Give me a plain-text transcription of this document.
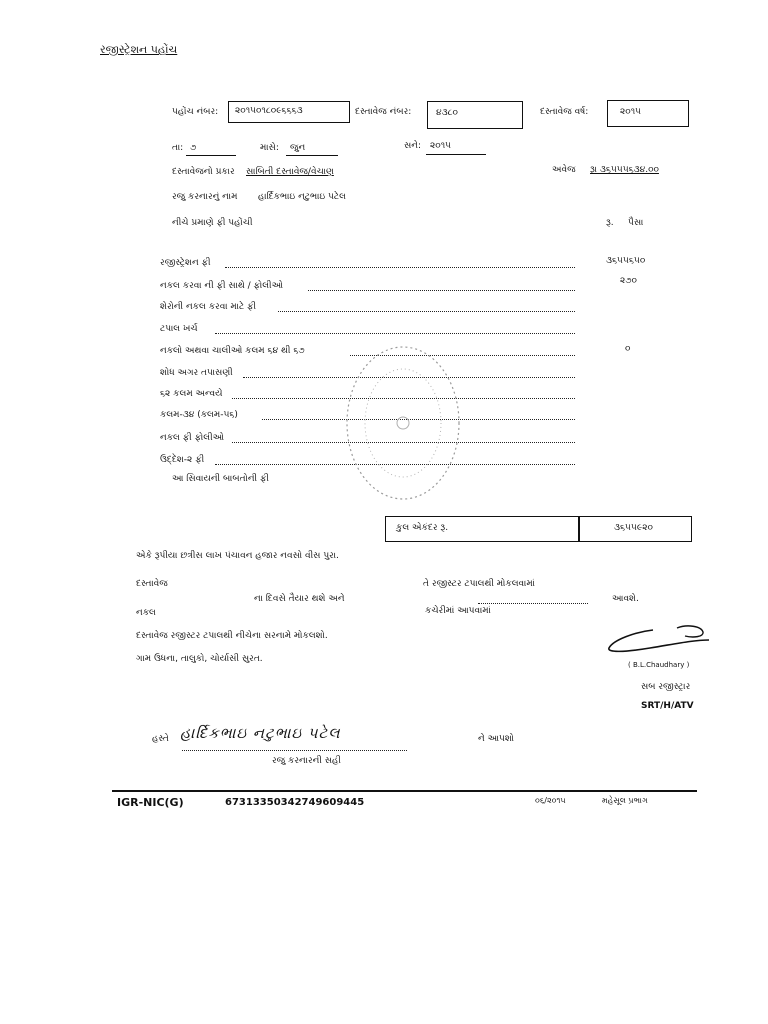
રજીસ્ટ્રેશન પહોંચ
પહોંચ નંબર: ૨૦૧૫૦૧૮૦૯૬૬૬૩	દસ્તાવેજ નંબર:	૪૩૮૦	દસ્તાવેજ વર્ષ:	૨૦૧૫
તા: ૭	માસે: જુન	સને: ૨૦૧૫
દસ્તાવેજનો પ્રકાર સાબિતી દસ્તાવેજ/વેચાણ	અવેજ રૂા ૩૬૫૫૫૬૩૪.૦૦
રજુ કરનારનું નામ હાર્દિકભાઇ નટુભાઇ પટેલ
નીચે પ્રમાણે ફી પહોંચી	રૂ. પૈસા
રજીસ્ટ્રેશન ફી	૩૬૫૫૬૫૦
નકલ કરવા ની ફી સાથે / ફોલીઓ	૨૭૦
શેરોની નકલ કરવા માટે ફી
ટપાલ ખર્ચ
નકલો અથવા ચાલીઓ કલમ ૬૪ થી ૬૭	૦
શોધ અગર તપાસણી
૬૨ કલમ અન્વયે
કલમ-૩૪ (કલમ-૫૬)
નકલ ફી ફોલીઓ
ઉદ્દેશ-૨ ફી
આ સિવાયની બાબતોની ફી
કુલ એકંદર રૂ.	૩૬૫૫૯૨૦
એકે રૂપીયા છત્રીસ લાખ પંચાવન હજાર નવસો વીસ પુરા.
દસ્તાવેજ	તે રજીસ્ટર ટપાલથી મોકલવામાં
ના દિવસે તૈયાર થશે અને	આવશે.
નકલ	કચેરીમાં આપવામાં
દસ્તાવેજ રજીસ્ટર ટપાલથી નીચેના સરનામે મોકલશો.
ગામ ઉધના, તાલુકો, ચોર્યાસી સુરત.
( B.L.Chaudhary )
સબ રજીસ્ટ્રાર
SRT/H/ATV
હસ્તે હાર્દિકભાઇ નટુભાઇ પટેલ	ને આપશો
રજુ કરનારની સહી
IGR-NIC(G)	67313350342749609445	૦૬/૨૦૧૫	મહેસૂલ પ્રભાગ
